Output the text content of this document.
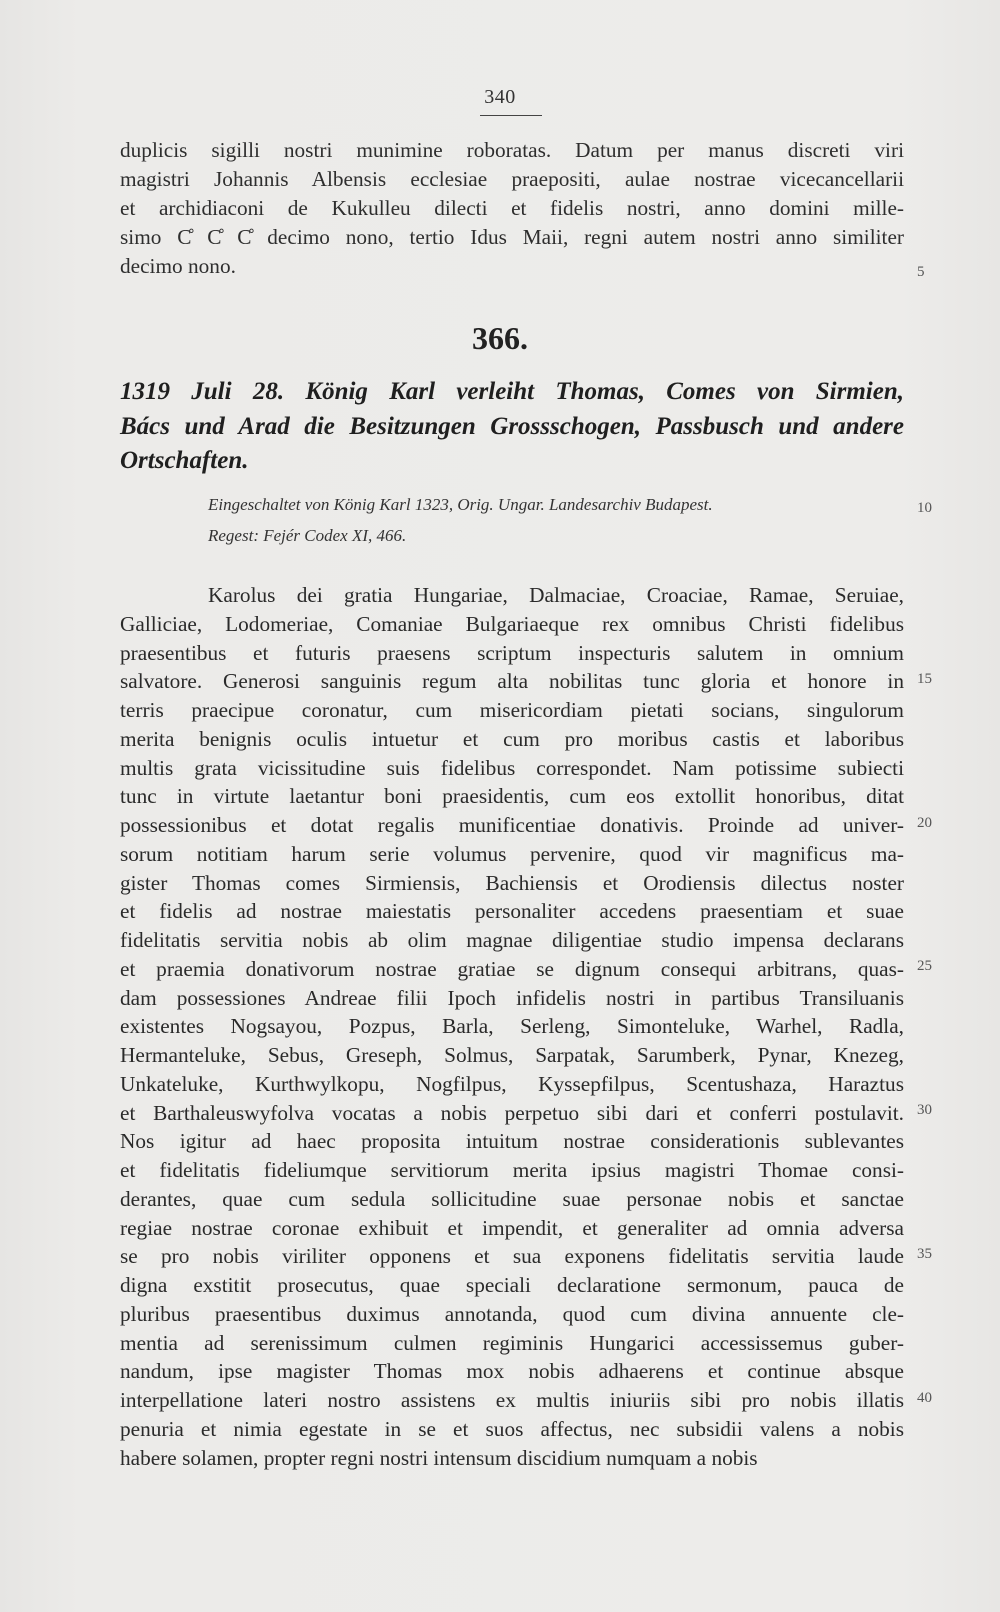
340
duplicis sigilli nostri munimine roboratas. Datum per manus discreti viri
magistri Johannis Albensis ecclesiae praepositi, aulae nostrae vicecancellarii
et archidiaconi de Kukulleu dilecti et fidelis nostri, anno domini mille-
simo C̊ C̊ C̊ decimo nono, tertio Idus Maii, regni autem nostri anno similiter
decimo nono.
366.
1319 Juli 28. König Karl verleiht Thomas, Comes von Sirmien,
Bács und Arad die Besitzungen Grossschogen, Passbusch und andere
Ortschaften.
Eingeschaltet von König Karl 1323, Orig. Ungar. Landesarchiv Budapest.
Regest: Fejér Codex XI, 466.
Karolus dei gratia Hungariae, Dalmaciae, Croaciae, Ramae, Seruiae,
Galliciae, Lodomeriae, Comaniae Bulgariaeque rex omnibus Christi fidelibus
praesentibus et futuris praesens scriptum inspecturis salutem in omnium
salvatore. Generosi sanguinis regum alta nobilitas tunc gloria et honore in
terris praecipue coronatur, cum misericordiam pietati socians, singulorum
merita benignis oculis intuetur et cum pro moribus castis et laboribus
multis grata vicissitudine suis fidelibus correspondet. Nam potissime subiecti
tunc in virtute laetantur boni praesidentis, cum eos extollit honoribus, ditat
possessionibus et dotat regalis munificentiae donativis. Proinde ad univer-
sorum notitiam harum serie volumus pervenire, quod vir magnificus ma-
gister Thomas comes Sirmiensis, Bachiensis et Orodiensis dilectus noster
et fidelis ad nostrae maiestatis personaliter accedens praesentiam et suae
fidelitatis servitia nobis ab olim magnae diligentiae studio impensa declarans
et praemia donativorum nostrae gratiae se dignum consequi arbitrans, quas-
dam possessiones Andreae filii Ipoch infidelis nostri in partibus Transiluanis
existentes Nogsayou, Pozpus, Barla, Serleng, Simonteluke, Warhel, Radla,
Hermanteluke, Sebus, Greseph, Solmus, Sarpatak, Sarumberk, Pynar, Knezeg,
Unkateluke, Kurthwylkopu, Nogfilpus, Kyssepfilpus, Scentushaza, Haraztus
et Barthaleuswyfolva vocatas a nobis perpetuo sibi dari et conferri postulavit.
Nos igitur ad haec proposita intuitum nostrae considerationis sublevantes
et fidelitatis fideliumque servitiorum merita ipsius magistri Thomae consi-
derantes, quae cum sedula sollicitudine suae personae nobis et sanctae
regiae nostrae coronae exhibuit et impendit, et generaliter ad omnia adversa
se pro nobis viriliter opponens et sua exponens fidelitatis servitia laude
digna exstitit prosecutus, quae speciali declaratione sermonum, pauca de
pluribus praesentibus duximus annotanda, quod cum divina annuente cle-
mentia ad serenissimum culmen regiminis Hungarici accessissemus guber-
nandum, ipse magister Thomas mox nobis adhaerens et continue absque
interpellatione lateri nostro assistens ex multis iniuriis sibi pro nobis illatis
penuria et nimia egestate in se et suos affectus, nec subsidii valens a nobis
habere solamen, propter regni nostri intensum discidium numquam a nobis
5
10
15
20
25
30
35
40
